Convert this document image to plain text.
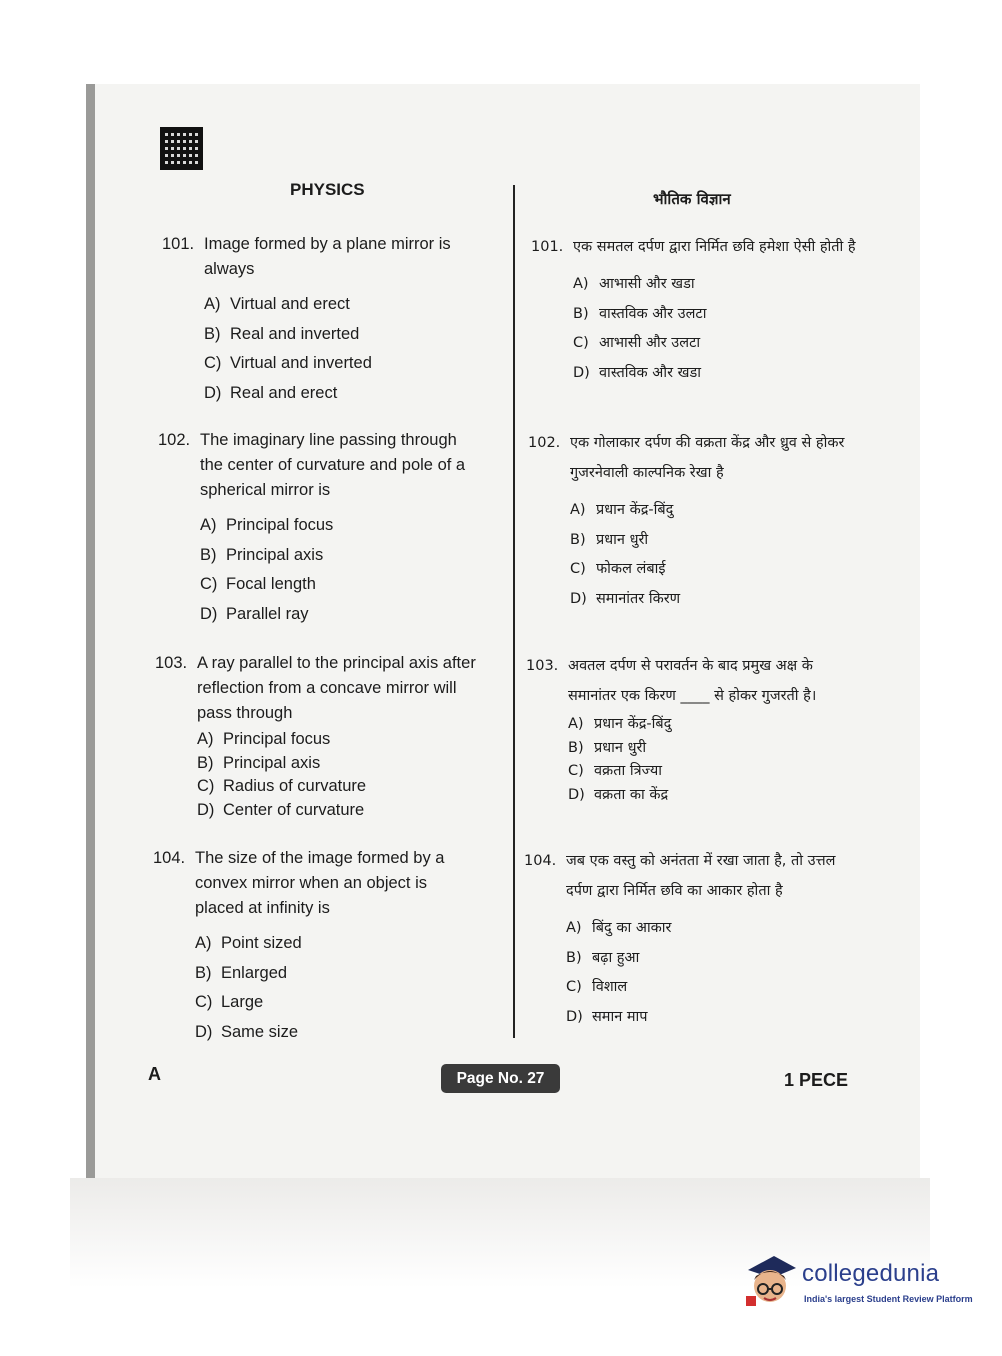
PHYSICS	भौतिक विज्ञान
101. Image formed by a plane mirror is always
A) Virtual and erect
B) Real and inverted
C) Virtual and inverted
D) Real and erect
102. The imaginary line passing through the center of curvature and pole of a spherical mirror is
A) Principal focus
B) Principal axis
C) Focal length
D) Parallel ray
103. A ray parallel to the principal axis after reflection from a concave mirror will pass through
A) Principal focus
B) Principal axis
C) Radius of curvature
D) Center of curvature
104. The size of the image formed by a convex mirror when an object is placed at infinity is
A) Point sized
B) Enlarged
C) Large
D) Same size
101. एक समतल दर्पण द्वारा निर्मित छवि हमेशा ऐसी होती है
A) आभासी और खडा
B) वास्तविक और उलटा
C) आभासी और उलटा
D) वास्तविक और खडा
102. एक गोलाकार दर्पण की वक्रता केंद्र और ध्रुव से होकर गुजरनेवाली काल्पनिक रेखा है
A) प्रधान केंद्र-बिंदु
B) प्रधान धुरी
C) फोकल लंबाई
D) समानांतर किरण
103. अवतल दर्पण से परावर्तन के बाद प्रमुख अक्ष के समानांतर एक किरण ____ से होकर गुजरती है।
A) प्रधान केंद्र-बिंदु
B) प्रधान धुरी
C) वक्रता त्रिज्या
D) वक्रता का केंद्र
104. जब एक वस्तु को अनंतता में रखा जाता है, तो उत्तल दर्पण द्वारा निर्मित छवि का आकार होता है
A) बिंदु का आकार
B) बढ़ा हुआ
C) विशाल
D) समान माप
A	Page No. 27	1 PECE
collegedunia
India's largest Student Review Platform
